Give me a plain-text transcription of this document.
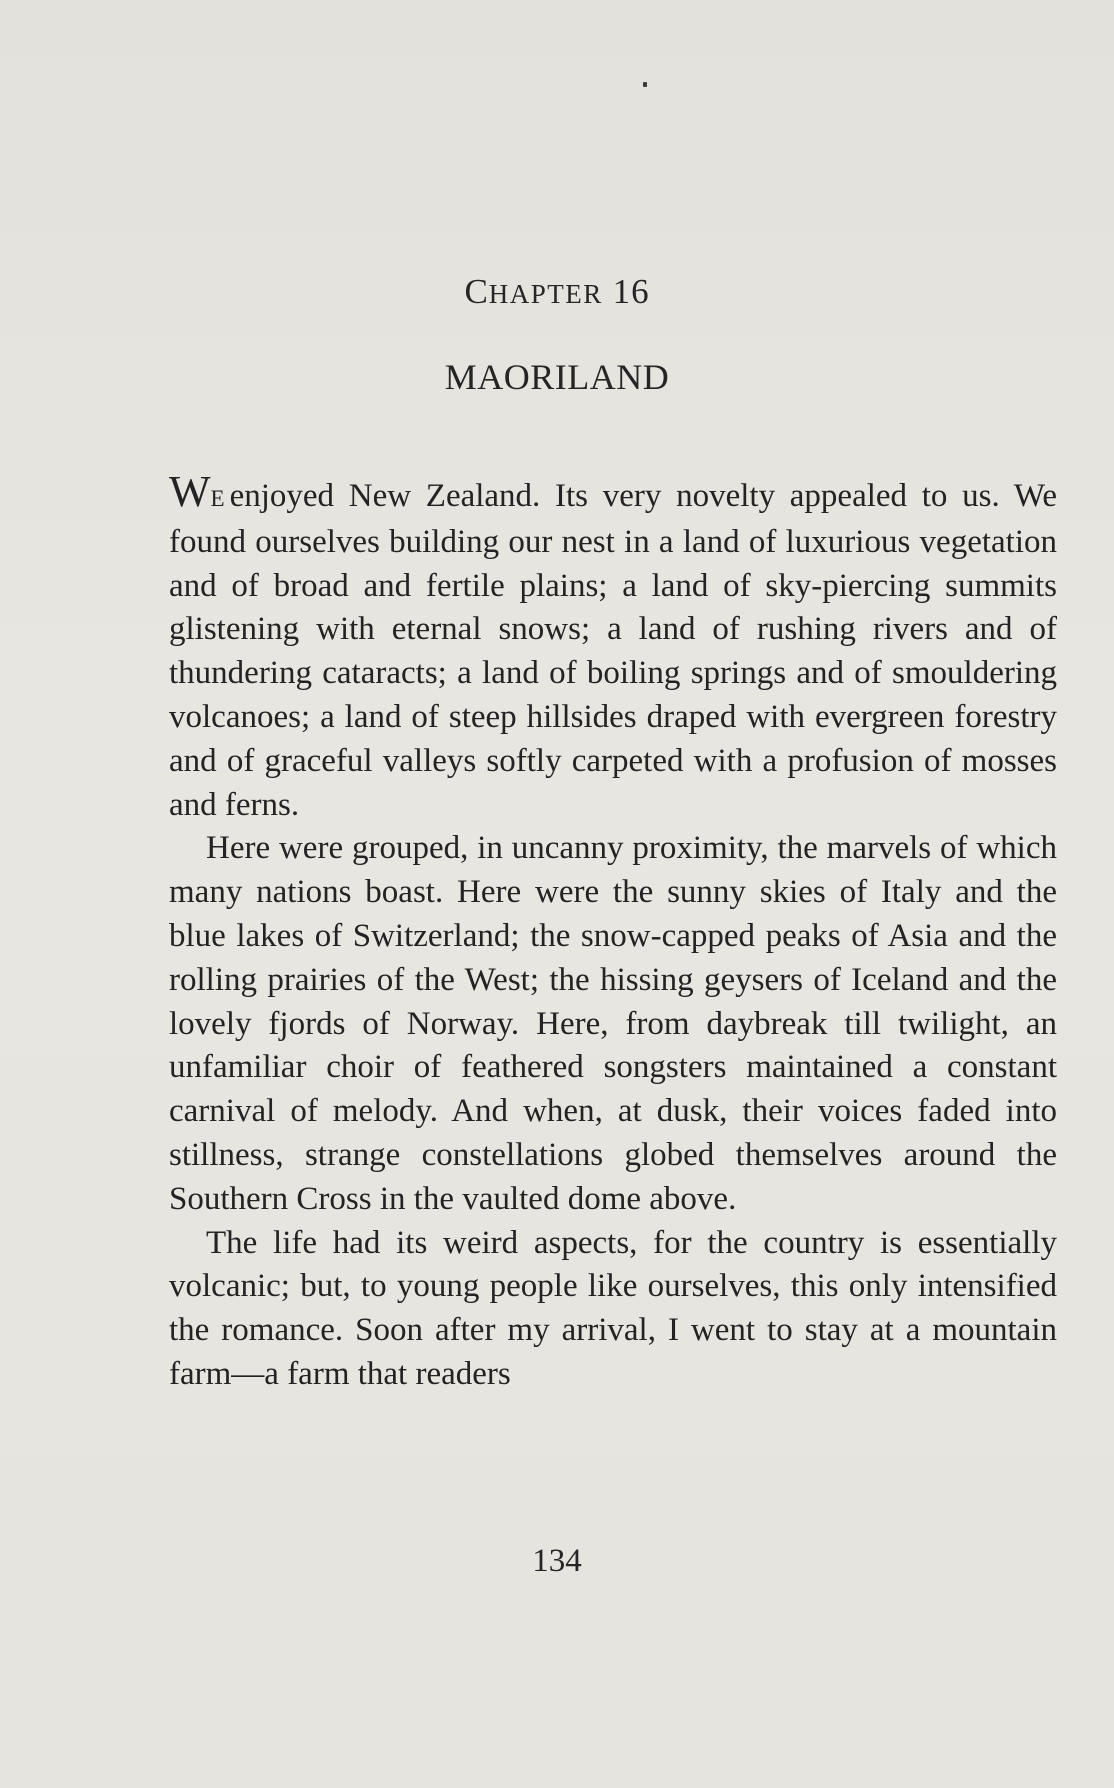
CHAPTER 16
MAORILAND

WE enjoyed New Zealand. Its very novelty appealed to us. We found ourselves building our nest in a land of luxurious vegetation and of broad and fertile plains; a land of sky-piercing summits glistening with eternal snows; a land of rushing rivers and of thundering cataracts; a land of boiling springs and of smouldering volcanoes; a land of steep hillsides draped with evergreen forestry and of graceful valleys softly carpeted with a profusion of mosses and ferns.

Here were grouped, in uncanny proximity, the marvels of which many nations boast. Here were the sunny skies of Italy and the blue lakes of Switzerland; the snow-capped peaks of Asia and the rolling prairies of the West; the hissing geysers of Iceland and the lovely fjords of Norway. Here, from daybreak till twilight, an unfamiliar choir of feathered songsters maintained a constant carnival of melody. And when, at dusk, their voices faded into stillness, strange constellations globed themselves around the Southern Cross in the vaulted dome above.

The life had its weird aspects, for the country is essentially volcanic; but, to young people like ourselves, this only intensified the romance. Soon after my arrival, I went to stay at a mountain farm—a farm that readers

134
